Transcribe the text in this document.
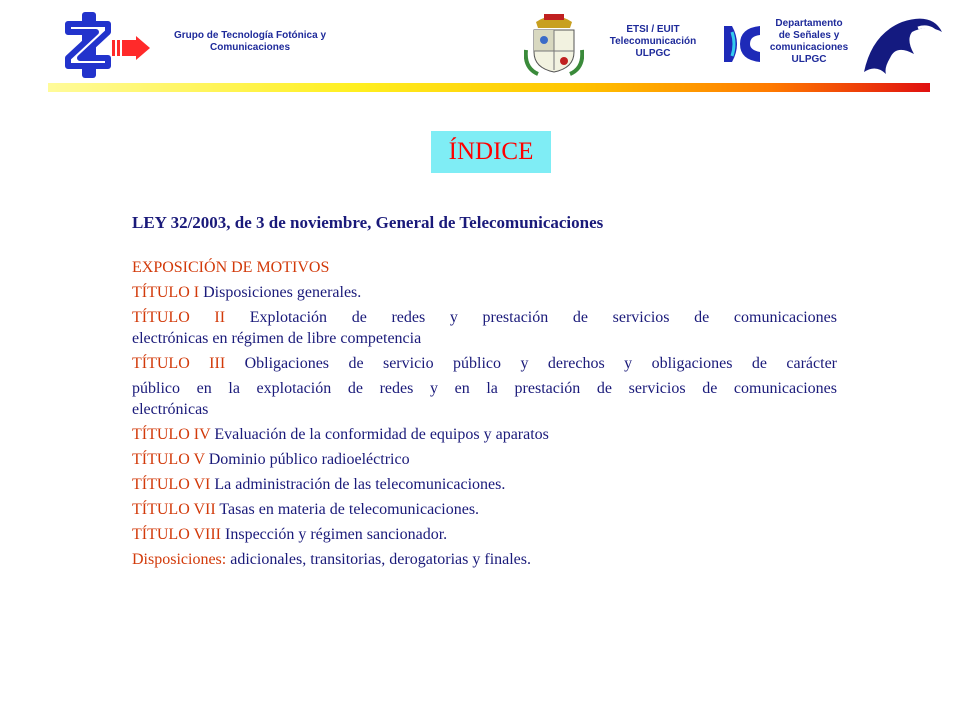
Grupo de Tecnología Fotónica y
Comunicaciones
ETSI / EUIT
Telecomunicación
ULPGC
Departamento
de Señales y
comunicaciones
ULPGC
ÍNDICE
LEY 32/2003, de 3 de noviembre, General de Telecomunicaciones
EXPOSICIÓN DE MOTIVOS
TÍTULO I Disposiciones generales.
TÍTULO II Explotación de redes y prestación de servicios de comunicaciones
electrónicas en régimen de libre competencia
TÍTULO III Obligaciones de servicio público y derechos y obligaciones de carácter
público en la explotación de redes y en la prestación de servicios de comunicaciones
electrónicas
TÍTULO IV Evaluación de la conformidad de equipos y aparatos
TÍTULO V Dominio público radioeléctrico
TÍTULO VI La administración de las telecomunicaciones.
TÍTULO VII Tasas en materia de telecomunicaciones.
TÍTULO VIII Inspección y régimen sancionador.
Disposiciones: adicionales, transitorias, derogatorias y finales.
